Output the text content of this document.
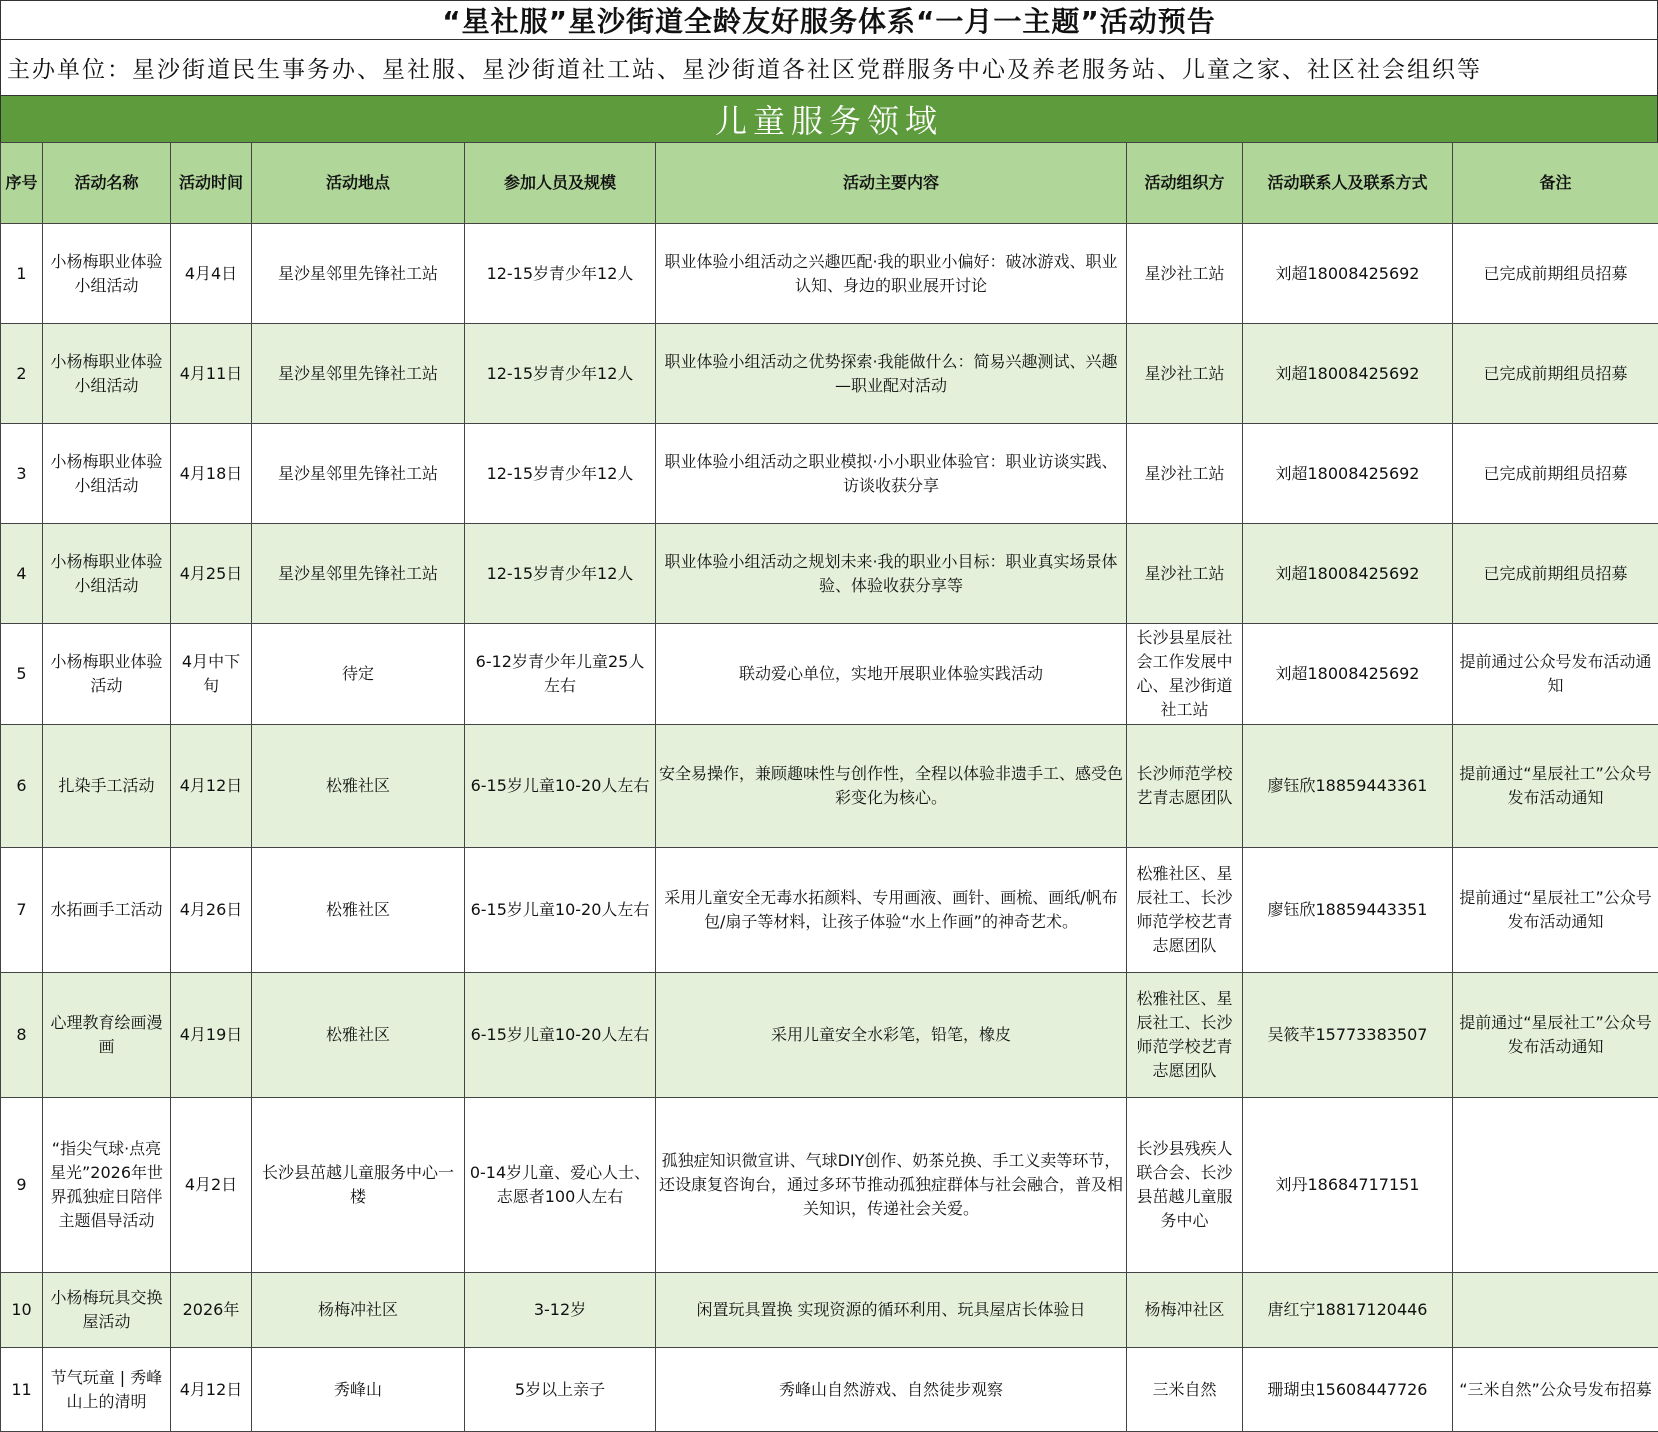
“星社服”星沙街道全龄友好服务体系“一月一主题”活动预告
主办单位：星沙街道民生事务办、星社服、星沙街道社工站、星沙街道各社区党群服务中心及养老服务站、儿童之家、社区社会组织等
儿童服务领域
序号	活动名称	活动时间	活动地点	参加人员及规模	活动主要内容	活动组织方	活动联系人及联系方式	备注
1	小杨梅职业体验小组活动	4月4日	星沙星邻里先锋社工站	12-15岁青少年12人	职业体验小组活动之兴趣匹配·我的职业小偏好：破冰游戏、职业认知、身边的职业展开讨论	星沙社工站	刘超18008425692	已完成前期组员招募
2	小杨梅职业体验小组活动	4月11日	星沙星邻里先锋社工站	12-15岁青少年12人	职业体验小组活动之优势探索·我能做什么：简易兴趣测试、兴趣—职业配对活动	星沙社工站	刘超18008425692	已完成前期组员招募
3	小杨梅职业体验小组活动	4月18日	星沙星邻里先锋社工站	12-15岁青少年12人	职业体验小组活动之职业模拟·小小职业体验官：职业访谈实践、访谈收获分享	星沙社工站	刘超18008425692	已完成前期组员招募
4	小杨梅职业体验小组活动	4月25日	星沙星邻里先锋社工站	12-15岁青少年12人	职业体验小组活动之规划未来·我的职业小目标：职业真实场景体验、体验收获分享等	星沙社工站	刘超18008425692	已完成前期组员招募
5	小杨梅职业体验活动	4月中下旬	待定	6-12岁青少年儿童25人左右	联动爱心单位，实地开展职业体验实践活动	长沙县星辰社会工作发展中心、星沙街道社工站	刘超18008425692	提前通过公众号发布活动通知
6	扎染手工活动	4月12日	松雅社区	6-15岁儿童10-20人左右	安全易操作，兼顾趣味性与创作性，全程以体验非遗手工、感受色彩变化为核心。	长沙师范学校艺青志愿团队	廖钰欣18859443361	提前通过“星辰社工”公众号发布活动通知
7	水拓画手工活动	4月26日	松雅社区	6-15岁儿童10-20人左右	采用儿童安全无毒水拓颜料、专用画液、画针、画梳、画纸/帆布包/扇子等材料，让孩子体验“水上作画”的神奇艺术。	松雅社区、星辰社工、长沙师范学校艺青志愿团队	廖钰欣18859443351	提前通过“星辰社工”公众号发布活动通知
8	心理教育绘画漫画	4月19日	松雅社区	6-15岁儿童10-20人左右	采用儿童安全水彩笔，铅笔，橡皮	松雅社区、星辰社工、长沙师范学校艺青志愿团队	吴筱芊15773383507	提前通过“星辰社工”公众号发布活动通知
9	“指尖气球·点亮星光”2026年世界孤独症日陪伴主题倡导活动	4月2日	长沙县茁越儿童服务中心一楼	0-14岁儿童、爱心人士、志愿者100人左右	孤独症知识微宣讲、气球DIY创作、奶茶兑换、手工义卖等环节，还设康复咨询台，通过多环节推动孤独症群体与社会融合，普及相关知识，传递社会关爱。	长沙县残疾人联合会、长沙县茁越儿童服务中心	刘丹18684717151	
10	小杨梅玩具交换屋活动	2026年	杨梅冲社区	3-12岁	闲置玩具置换 实现资源的循环利用、玩具屋店长体验日	杨梅冲社区	唐红宁18817120446	
11	节气玩童 | 秀峰山上的清明	4月12日	秀峰山	5岁以上亲子	秀峰山自然游戏、自然徒步观察	三米自然	珊瑚虫15608447726	“三米自然”公众号发布招募
